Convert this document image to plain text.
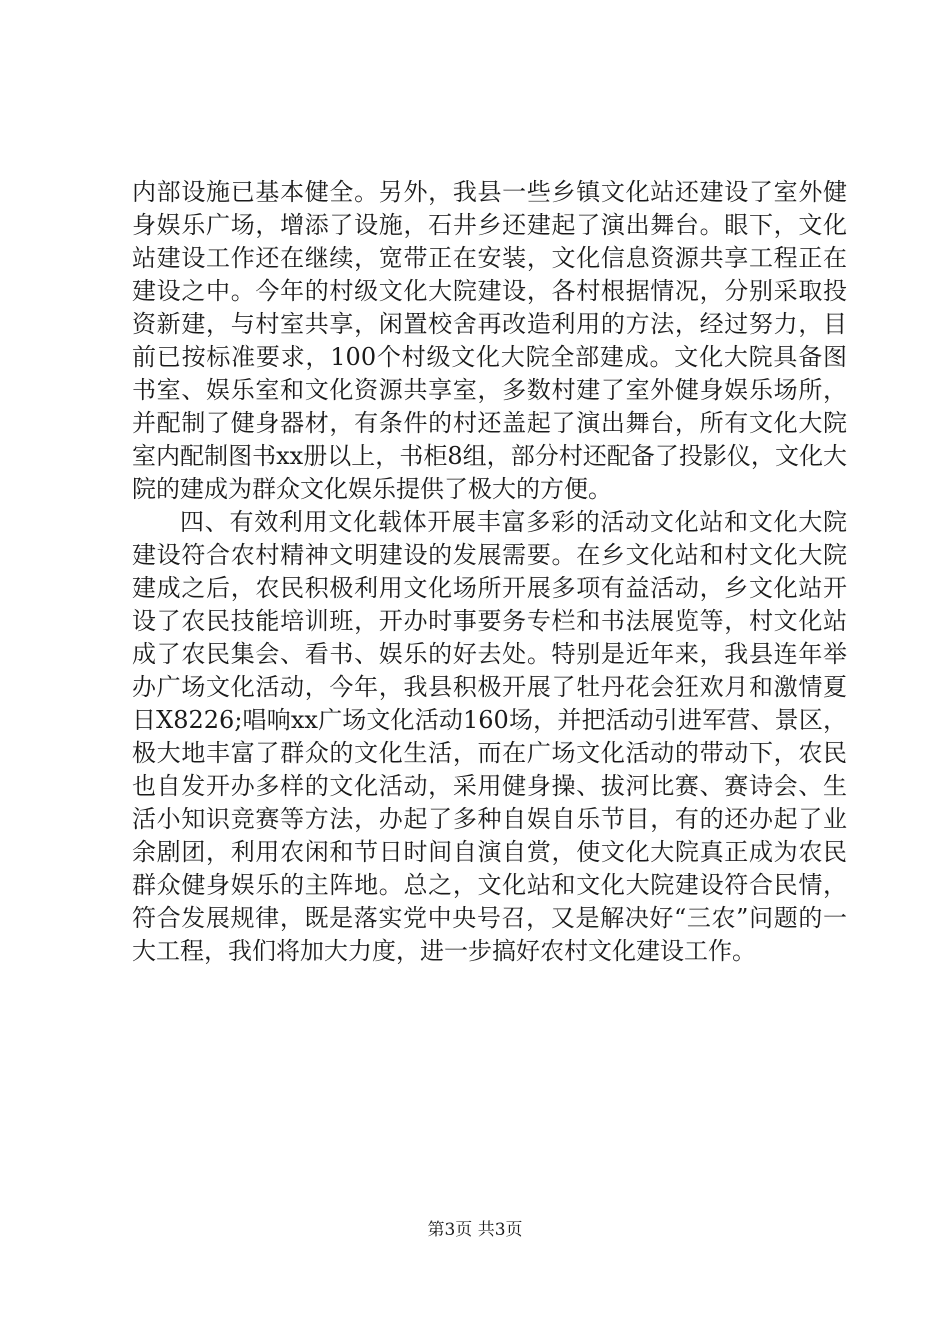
内部设施已基本健全。另外，我县一些乡镇文化站还建设了室外健身娱乐广场，增添了设施，石井乡还建起了演出舞台。眼下，文化站建设工作还在继续，宽带正在安装，文化信息资源共享工程正在建设之中。今年的村级文化大院建设，各村根据情况，分别采取投资新建，与村室共享，闲置校舍再改造利用的方法，经过努力，目前已按标准要求，100个村级文化大院全部建成。文化大院具备图书室、娱乐室和文化资源共享室，多数村建了室外健身娱乐场所，并配制了健身器材，有条件的村还盖起了演出舞台，所有文化大院室内配制图书xx册以上，书柜8组，部分村还配备了投影仪，文化大院的建成为群众文化娱乐提供了极大的方便。

四、有效利用文化载体开展丰富多彩的活动文化站和文化大院建设符合农村精神文明建设的发展需要。在乡文化站和村文化大院建成之后，农民积极利用文化场所开展多项有益活动，乡文化站开设了农民技能培训班，开办时事要务专栏和书法展览等，村文化站成了农民集会、看书、娱乐的好去处。特别是近年来，我县连年举办广场文化活动，今年，我县积极开展了牡丹花会狂欢月和激情夏日X8226;唱响xx广场文化活动160场，并把活动引进军营、景区，极大地丰富了群众的文化生活，而在广场文化活动的带动下，农民也自发开办多样的文化活动，采用健身操、拔河比赛、赛诗会、生活小知识竞赛等方法，办起了多种自娱自乐节目，有的还办起了业余剧团，利用农闲和节日时间自演自赏，使文化大院真正成为农民群众健身娱乐的主阵地。总之，文化站和文化大院建设符合民情，符合发展规律，既是落实党中央号召，又是解决好“三农”问题的一大工程，我们将加大力度，进一步搞好农村文化建设工作。

第3页 共3页
